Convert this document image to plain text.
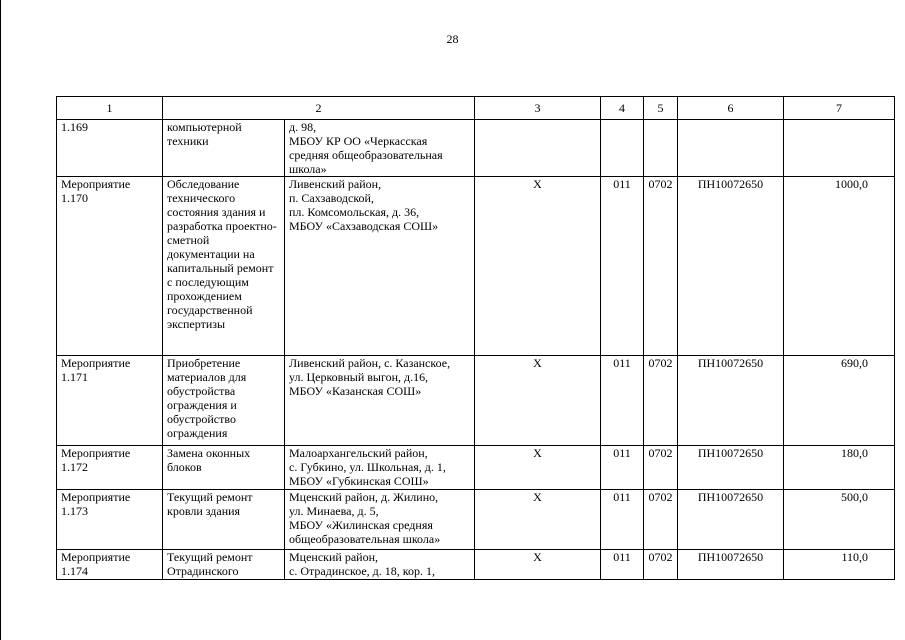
28
1	2		3	4	5	6	7
1.169	компьютерной техники	д. 98,
МБОУ КР ОО «Черкасская средняя общеобразовательная школа»					
Мероприятие 1.170	Обследование технического состояния здания и разработка проектно-сметной документации на капитальный ремонт с последующим прохождением государственной экспертизы	Ливенский район,
п. Сахзаводской,
пл. Комсомольская, д. 36,
МБОУ «Сахзаводская СОШ»	Х	011	0702	ПН10072650	1000,0
Мероприятие 1.171	Приобретение материалов для обустройства ограждения и обустройство ограждения	Ливенский район, с. Казанское,
ул. Церковный выгон, д.16,
МБОУ «Казанская СОШ»	Х	011	0702	ПН10072650	690,0
Мероприятие 1.172	Замена оконных блоков	Малоархангельский район,
с. Губкино, ул. Школьная, д. 1,
МБОУ «Губкинская СОШ»	Х	011	0702	ПН10072650	180,0
Мероприятие 1.173	Текущий ремонт кровли здания	Мценский район, д. Жилино,
ул. Минаева, д. 5,
МБОУ «Жилинская средняя общеобразовательная школа»	Х	011	0702	ПН10072650	500,0
Мероприятие 1.174	Текущий ремонт Отрадинского	Мценский район,
с. Отрадинское, д. 18, кор. 1,	Х	011	0702	ПН10072650	110,0
